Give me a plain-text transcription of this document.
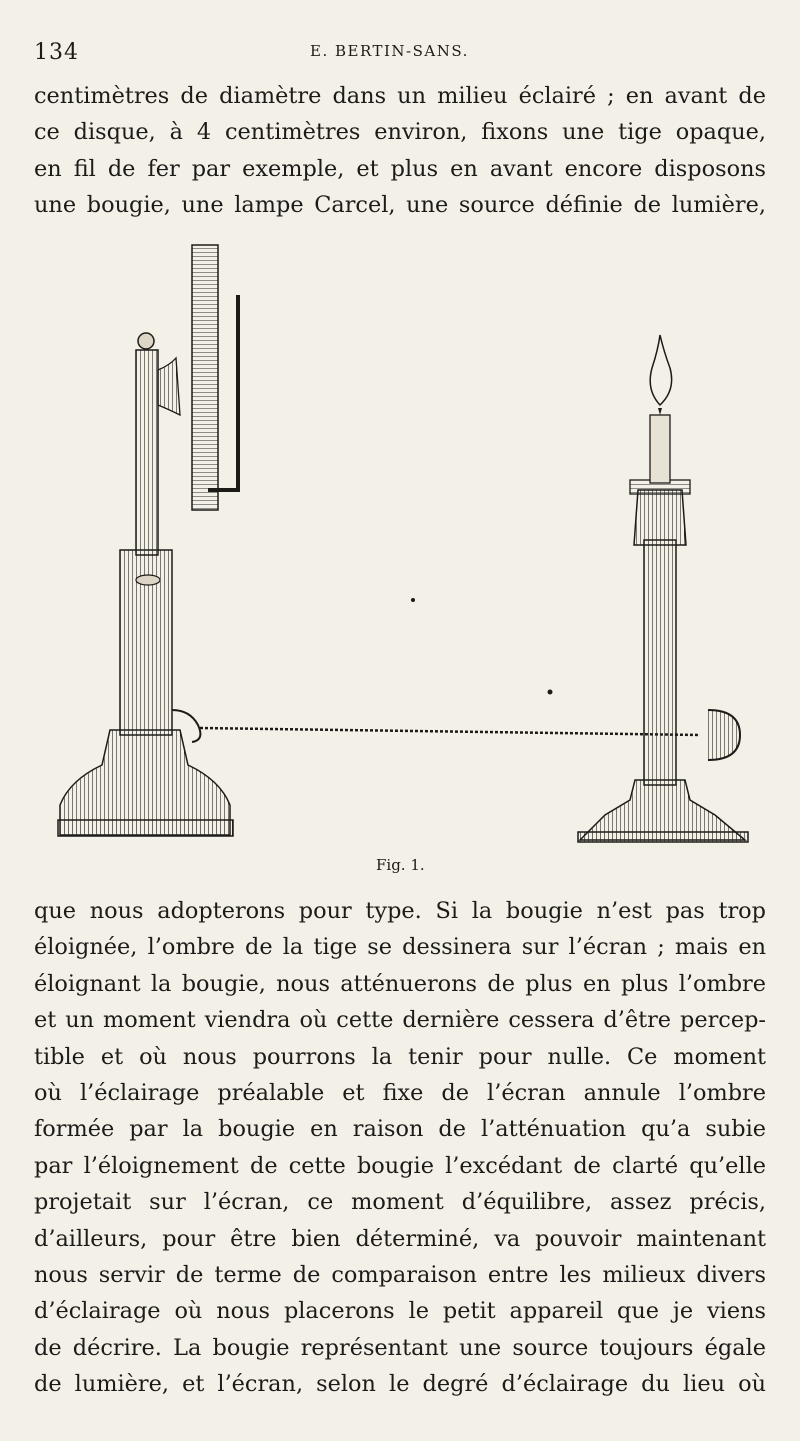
134	E. BERTIN-SANS.
centimètres de diamètre dans un milieu éclairé ; en avant de
ce disque, à 4 centimètres environ, fixons une tige opaque,
en fil de fer par exemple, et plus en avant encore disposons
une bougie, une lampe Carcel, une source définie de lumière,
Fig. 1.
que nous adopterons pour type. Si la bougie n’est pas trop
éloignée, l’ombre de la tige se dessinera sur l’écran ; mais en
éloignant la bougie, nous atténuerons de plus en plus l’ombre
et un moment viendra où cette dernière cessera d’être percep-
tible et où nous pourrons la tenir pour nulle. Ce moment
où l’éclairage préalable et fixe de l’écran annule l’ombre
formée par la bougie en raison de l’atténuation qu’a subie
par l’éloignement de cette bougie l’excédant de clarté qu’elle
projetait sur l’écran, ce moment d’équilibre, assez précis,
d’ailleurs, pour être bien déterminé, va pouvoir maintenant
nous servir de terme de comparaison entre les milieux divers
d’éclairage où nous placerons le petit appareil que je viens
de décrire. La bougie représentant une source toujours égale
de lumière, et l’écran, selon le degré d’éclairage du lieu où
